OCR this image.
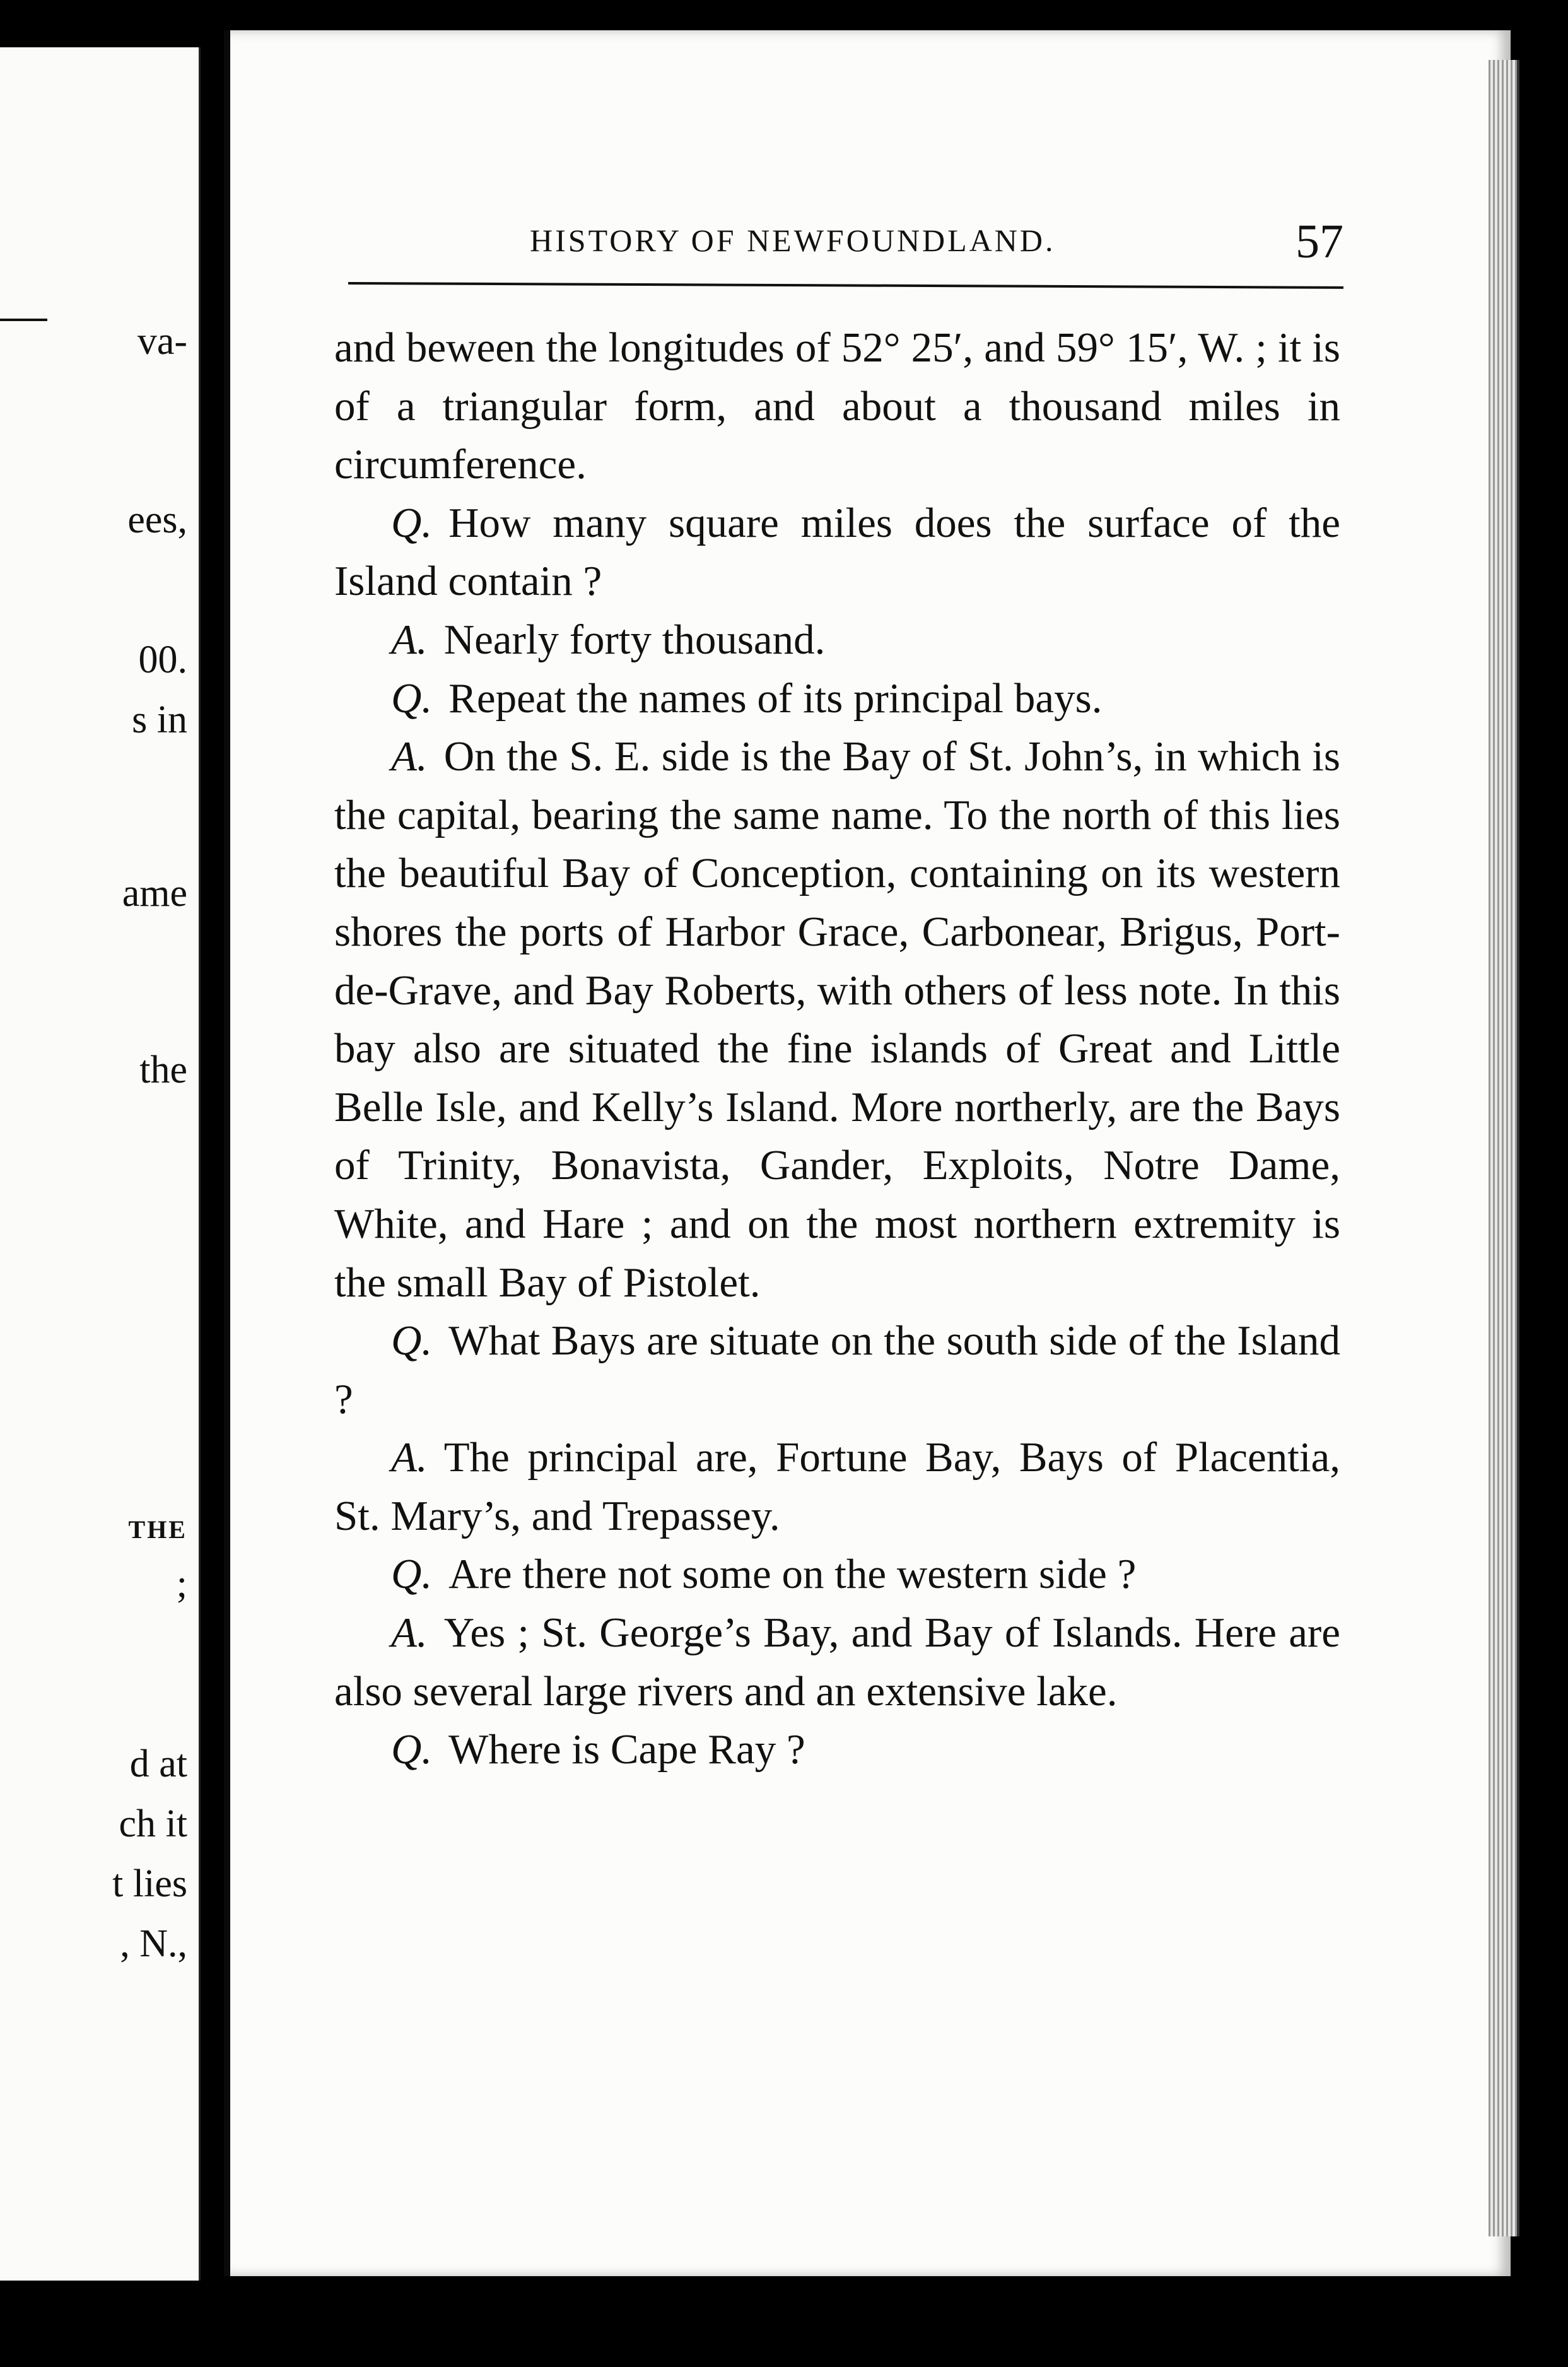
va-
ees,
00.
s in
ame
the
THE
;
d at
ch it
t lies
, N.,
HISTORY OF NEWFOUNDLAND.	57

and beween the longitudes of 52° 25′, and 59° 15′, W. ; it is of a triangular form, and about a thousand miles in circumference.

Q. How many square miles does the surface of the Island contain ?

A. Nearly forty thousand.

Q. Repeat the names of its principal bays.

A. On the S. E. side is the Bay of St. John’s, in which is the capital, bearing the same name. To the north of this lies the beautiful Bay of Conception, containing on its western shores the ports of Harbor Grace, Carbonear, Brigus, Port-de-Grave, and Bay Roberts, with others of less note. In this bay also are situated the fine islands of Great and Little Belle Isle, and Kelly’s Island. More northerly, are the Bays of Trinity, Bonavista, Gander, Exploits, Notre Dame, White, and Hare ; and on the most northern extremity is the small Bay of Pistolet.

Q. What Bays are situate on the south side of the Island ?

A. The principal are, Fortune Bay, Bays of Placentia, St. Mary’s, and Trepassey.

Q. Are there not some on the western side ?

A. Yes ; St. George’s Bay, and Bay of Islands. Here are also several large rivers and an extensive lake.

Q. Where is Cape Ray ?
